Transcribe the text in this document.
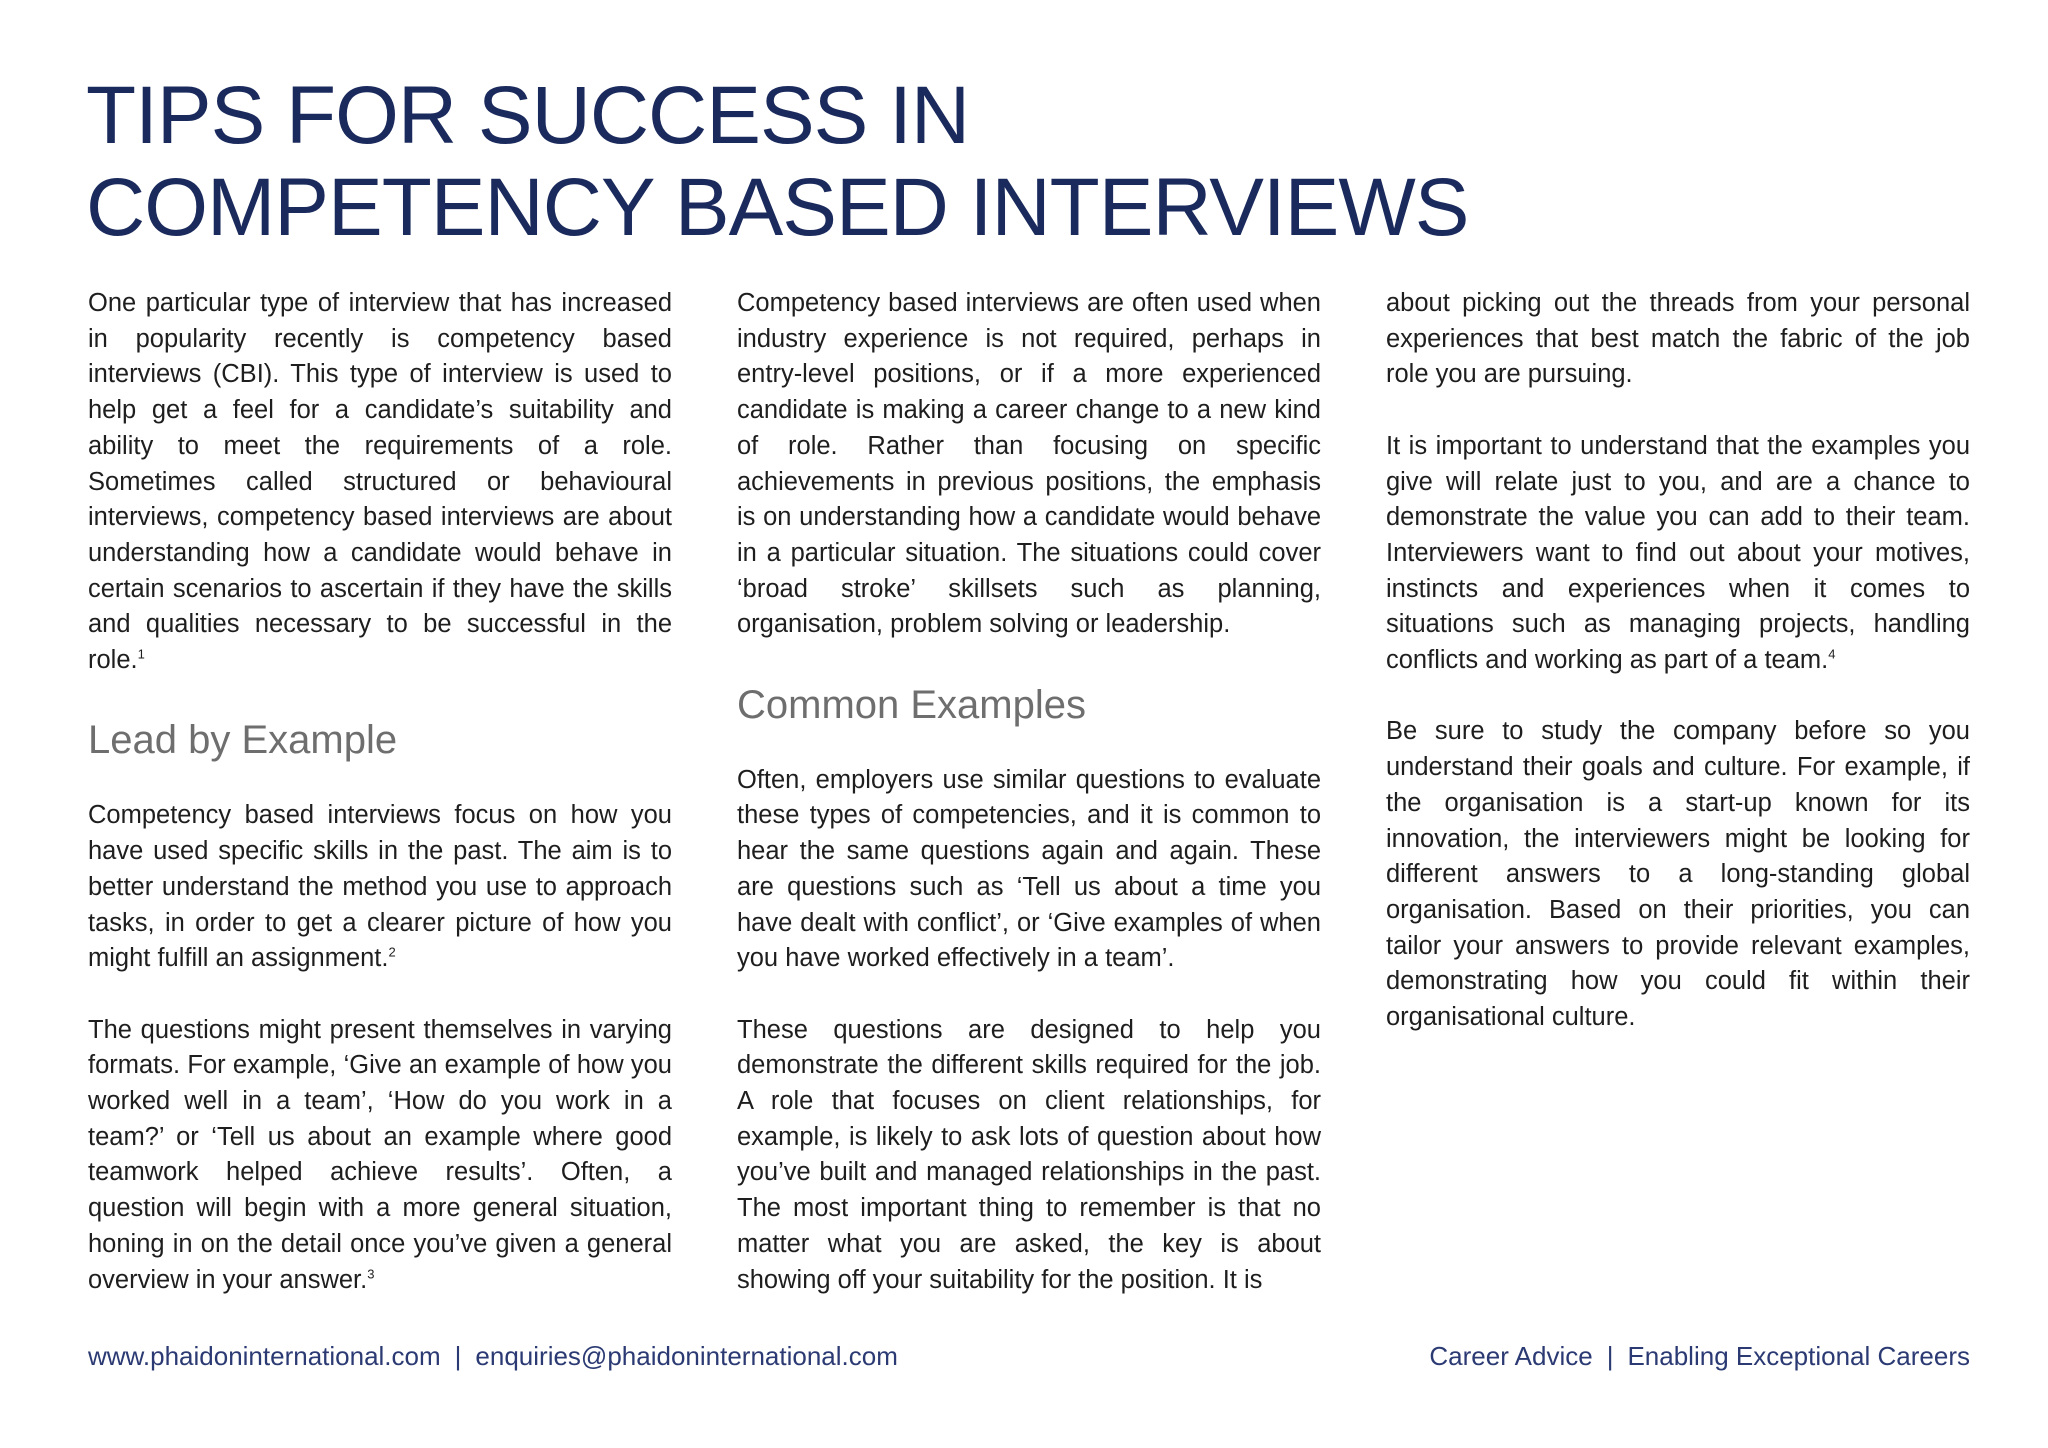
TIPS FOR SUCCESS IN
COMPETENCY BASED INTERVIEWS

One particular type of interview that has increased in popularity recently is competency based interviews (CBI). This type of interview is used to help get a feel for a candidate’s suitability and ability to meet the requirements of a role. Sometimes called structured or behavioural interviews, competency based interviews are about understanding how a candidate would behave in certain scenarios to ascertain if they have the skills and qualities necessary to be successful in the role.$^1$

Lead by Example

Competency based interviews focus on how you have used specific skills in the past. The aim is to better understand the method you use to approach tasks, in order to get a clearer picture of how you might fulfill an assignment.$^2$

The questions might present themselves in varying formats. For example, ‘Give an example of how you worked well in a team’, ‘How do you work in a team?’ or ‘Tell us about an example where good teamwork helped achieve results’. Often, a question will begin with a more general situation, honing in on the detail once you’ve given a general overview in your answer.$^3$

Competency based interviews are often used when industry experience is not required, perhaps in entry-level positions, or if a more experienced candidate is making a career change to a new kind of role. Rather than focusing on specific achievements in previous positions, the emphasis is on understanding how a candidate would behave in a particular situation. The situations could cover ‘broad stroke’ skillsets such as planning, organisation, problem solving or leadership.

Common Examples

Often, employers use similar questions to evaluate these types of competencies, and it is common to hear the same questions again and again. These are questions such as ‘Tell us about a time you have dealt with conflict’, or ‘Give examples of when you have worked effectively in a team’.

These questions are designed to help you demonstrate the different skills required for the job. A role that focuses on client relationships, for example, is likely to ask lots of question about how you’ve built and managed relationships in the past. The most important thing to remember is that no matter what you are asked, the key is about showing off your suitability for the position. It is

about picking out the threads from your personal experiences that best match the fabric of the job role you are pursuing.

It is important to understand that the examples you give will relate just to you, and are a chance to demonstrate the value you can add to their team. Interviewers want to find out about your motives, instincts and experiences when it comes to situations such as managing projects, handling conflicts and working as part of a team.$^4$

Be sure to study the company before so you understand their goals and culture. For example, if the organisation is a start-up known for its innovation, the interviewers might be looking for different answers to a long-standing global organisation. Based on their priorities, you can tailor your answers to provide relevant examples, demonstrating how you could fit within their organisational culture.

www.phaidoninternational.com | enquiries@phaidoninternational.com	Career Advice | Enabling Exceptional Careers
